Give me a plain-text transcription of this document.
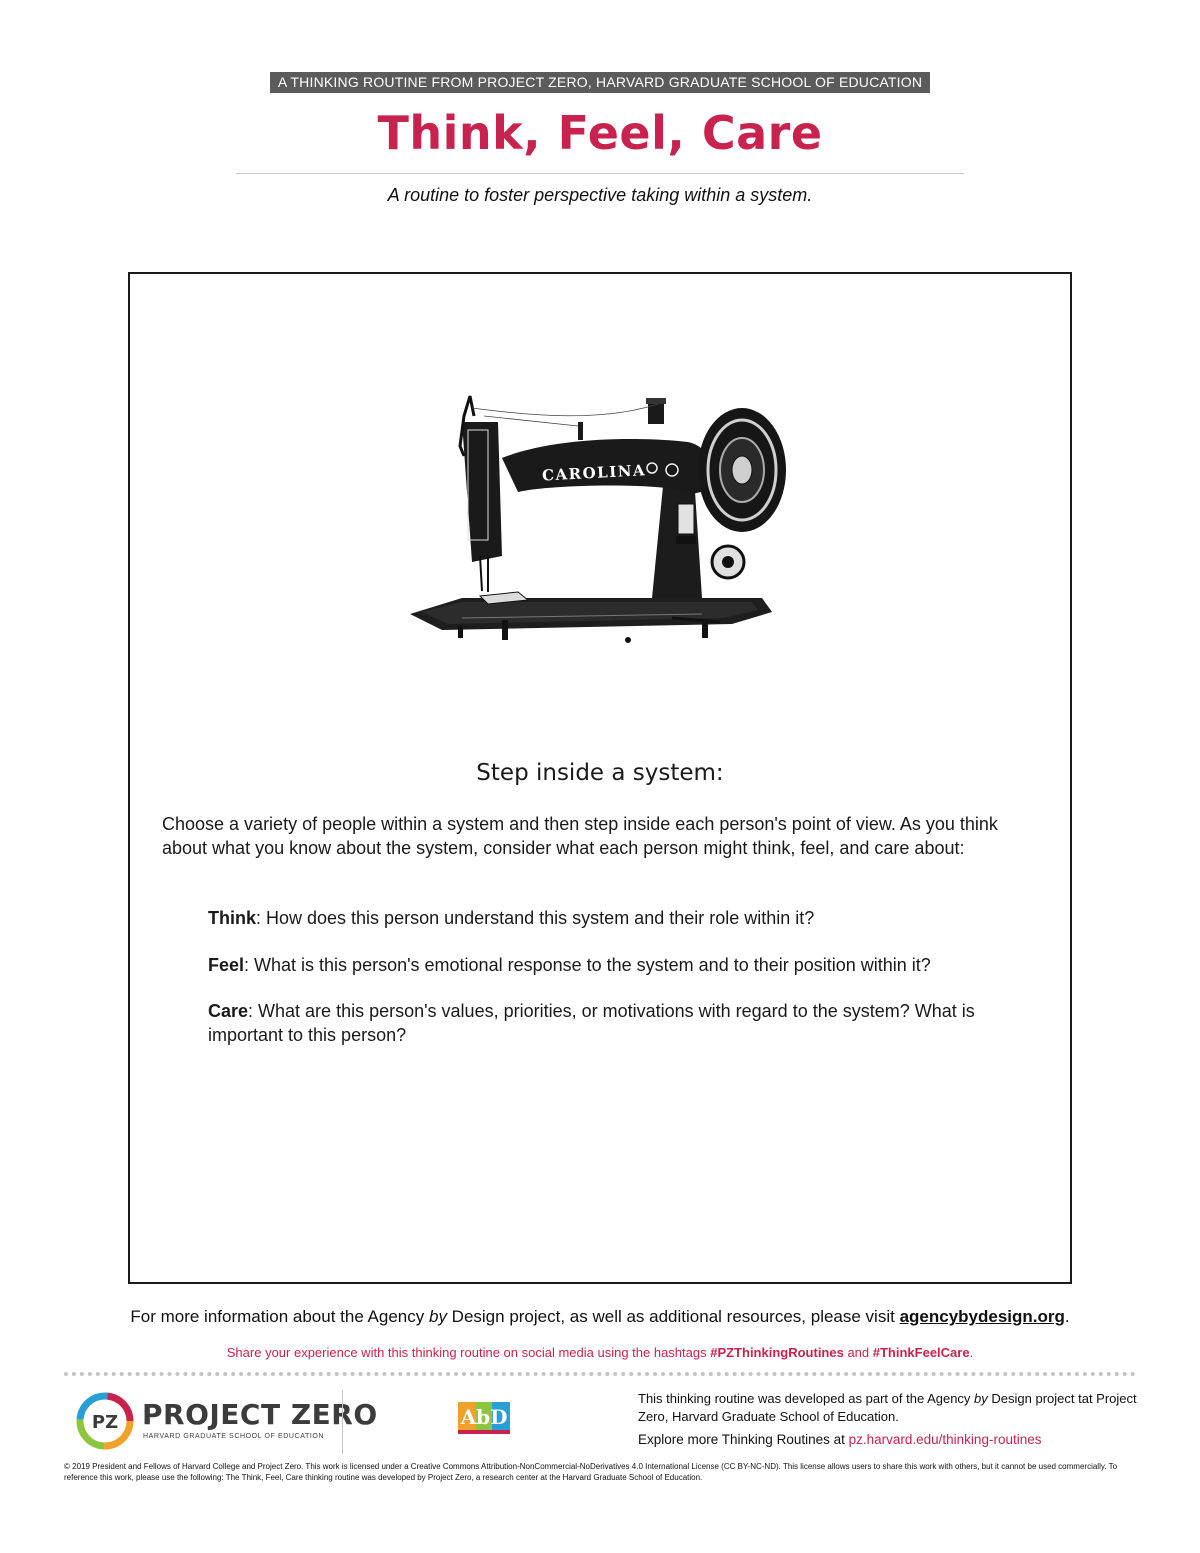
A THINKING ROUTINE FROM PROJECT ZERO, HARVARD GRADUATE SCHOOL OF EDUCATION
Think, Feel, Care
A routine to foster perspective taking within a system.
CAROLINA
Step inside a system:
Choose a variety of people within a system and then step inside each person's point of view. As you think about what you know about the system, consider what each person might think, feel, and care about:
Think: How does this person understand this system and their role within it?
Feel: What is this person's emotional response to the system and to their position within it?
Care: What are this person's values, priorities, or motivations with regard to the system? What is important to this person?
For more information about the Agency by Design project, as well as additional resources, please visit agencybydesign.org.
Share your experience with this thinking routine on social media using the hashtags #PZThinkingRoutines and #ThinkFeelCare.
PZ PROJECT ZERO
HARVARD GRADUATE SCHOOL OF EDUCATION
AbD
This thinking routine was developed as part of the Agency by Design project tat Project Zero, Harvard Graduate School of Education.
Explore more Thinking Routines at pz.harvard.edu/thinking-routines
© 2019 President and Fellows of Harvard College and Project Zero. This work is licensed under a Creative Commons Attribution-NonCommercial-NoDerivatives 4.0 International License (CC BY-NC-ND). This license allows users to share this work with others, but it cannot be used commercially. To reference this work, please use the following: The Think, Feel, Care thinking routine was developed by Project Zero, a research center at the Harvard Graduate School of Education.
